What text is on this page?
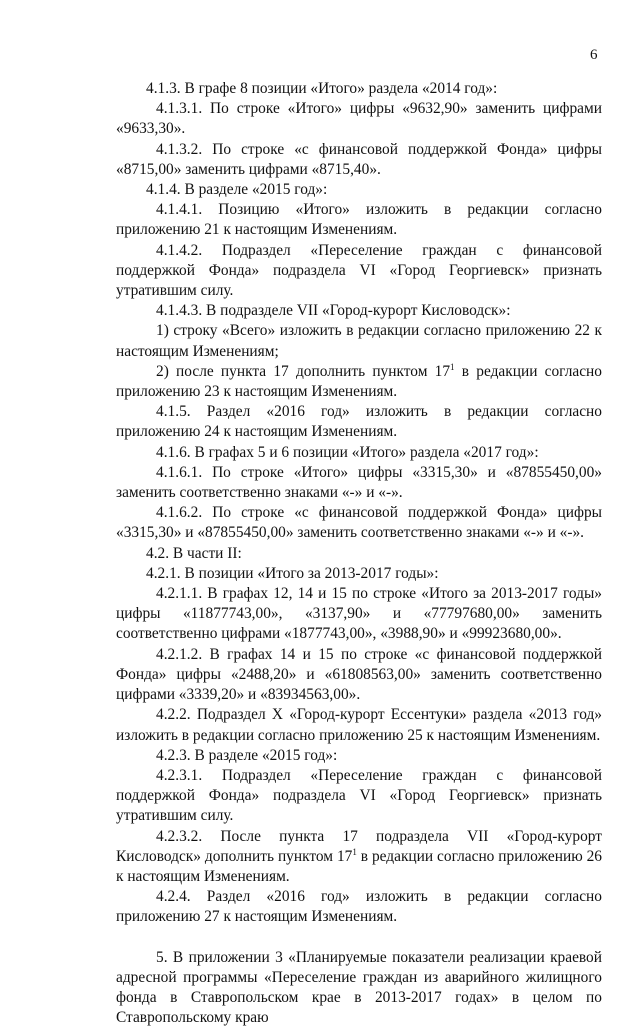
6

4.1.3. В графе 8 позиции «Итого» раздела «2014 год»:

4.1.3.1. По строке «Итого» цифры «9632,90» заменить цифрами «9633,30».

4.1.3.2. По строке «с финансовой поддержкой Фонда» цифры «8715,00» заменить цифрами «8715,40».

4.1.4. В разделе «2015 год»:

4.1.4.1. Позицию «Итого» изложить в редакции согласно приложению 21 к настоящим Изменениям.

4.1.4.2. Подраздел «Переселение граждан с финансовой поддержкой Фонда» подраздела VI «Город Георгиевск» признать утратившим силу.

4.1.4.3. В подразделе VII «Город-курорт Кисловодск»:

1) строку «Всего» изложить в редакции согласно приложению 22 к настоящим Изменениям;

2) после пункта 17 дополнить пунктом $17^1$ в редакции согласно приложению 23 к настоящим Изменениям.

4.1.5. Раздел «2016 год» изложить в редакции согласно приложению 24 к настоящим Изменениям.

4.1.6. В графах 5 и 6 позиции «Итого» раздела «2017 год»:

4.1.6.1. По строке «Итого» цифры «3315,30» и «87855450,00» заменить соответственно знаками «-» и «-».

4.1.6.2. По строке «с финансовой поддержкой Фонда» цифры «3315,30» и «87855450,00» заменить соответственно знаками «-» и «-».

4.2. В части II:

4.2.1. В позиции «Итого за 2013-2017 годы»:

4.2.1.1. В графах 12, 14 и 15 по строке «Итого за 2013-2017 годы» цифры «11877743,00», «3137,90» и «77797680,00» заменить соответственно цифрами «1877743,00», «3988,90» и «99923680,00».

4.2.1.2. В графах 14 и 15 по строке «с финансовой поддержкой Фонда» цифры «2488,20» и «61808563,00» заменить соответственно цифрами «3339,20» и «83934563,00».

4.2.2. Подраздел Х «Город-курорт Ессентуки» раздела «2013 год» изложить в редакции согласно приложению 25 к настоящим Изменениям.

4.2.3. В разделе «2015 год»:

4.2.3.1. Подраздел «Переселение граждан с финансовой поддержкой Фонда» подраздела VI «Город Георгиевск» признать утратившим силу.

4.2.3.2. После пункта 17 подраздела VII «Город-курорт Кисловодск» дополнить пунктом $17^1$ в редакции согласно приложению 26 к настоящим Изменениям.

4.2.4. Раздел «2016 год» изложить в редакции согласно приложению 27 к настоящим Изменениям.

5. В приложении 3 «Планируемые показатели реализации краевой адресной программы «Переселение граждан из аварийного жилищного фонда в Ставропольском крае в 2013-2017 годах» в целом по Ставропольскому краю
